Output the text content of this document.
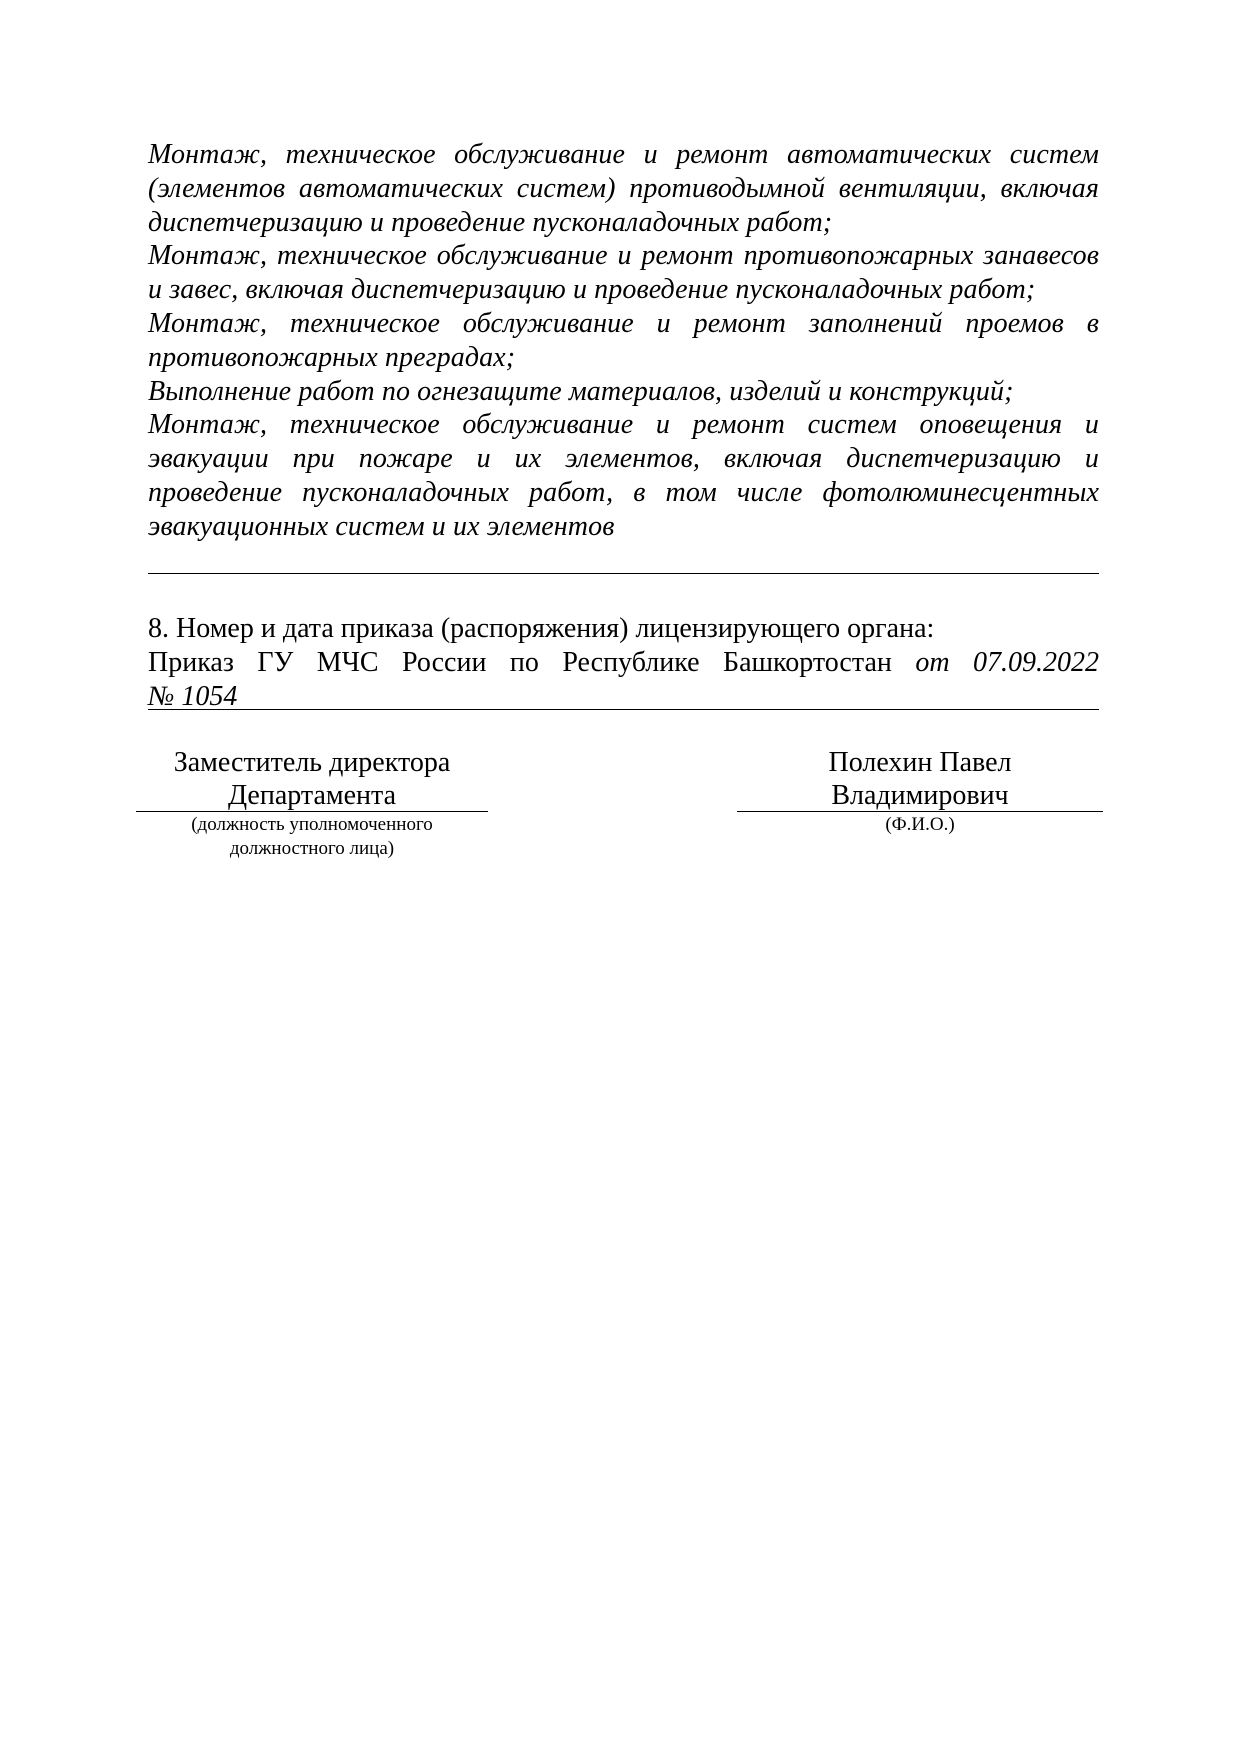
Монтаж, техническое обслуживание и ремонт автоматических систем (элементов автоматических систем) противодымной вентиляции, включая диспетчеризацию и проведение пусконаладочных работ;

Монтаж, техническое обслуживание и ремонт противопожарных занавесов и завес, включая диспетчеризацию и проведение пусконаладочных работ;

Монтаж, техническое обслуживание и ремонт заполнений проемов в противопожарных преградах;

Выполнение работ по огнезащите материалов, изделий и конструкций;

Монтаж, техническое обслуживание и ремонт систем оповещения и эвакуации при пожаре и их элементов, включая диспетчеризацию и проведение пусконаладочных работ, в том числе фотолюминесцентных эвакуационных систем и их элементов

8. Номер и дата приказа (распоряжения) лицензирующего органа:

Приказ ГУ МЧС России по Республике Башкортостан от 07.09.2022

№ 1054

Заместитель директора
Департамента
(должность уполномоченного
должностного лица)
Полехин Павел
Владимирович
(Ф.И.О.)
